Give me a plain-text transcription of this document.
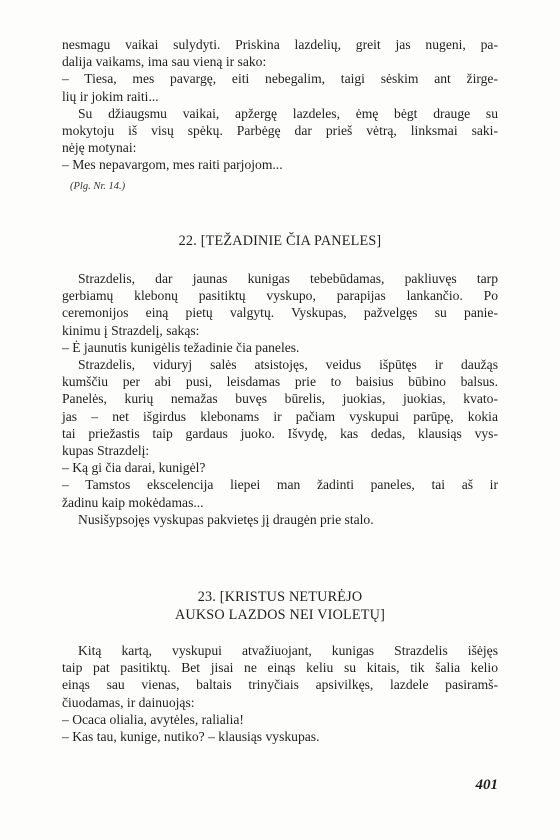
nesmagu vaikai sulydyti. Priskina lazdelių, greit jas nugeni, pa-
dalija vaikams, ima sau vieną ir sako:
– Tiesa, mes pavargę, eiti nebegalim, taigi sėskim ant žirge-
lių ir jokim raiti...
Su džiaugsmu vaikai, apžergę lazdeles, ėmę bėgt drauge su
mokytoju iš visų spėkų. Parbėgę dar prieš vėtrą, linksmai saki-
nėję motynai:
– Mes nepavargom, mes raiti parjojom...
(Plg. Nr. 14.)

22. [TEŽADINIE ČIA PANELES]

Strazdelis, dar jaunas kunigas tebebūdamas, pakliuvęs tarp
gerbiamų klebonų pasitiktų vyskupo, parapijas lankančio. Po
ceremonijos einą pietų valgytų. Vyskupas, pažvelgęs su panie-
kinimu į Strazdelį, sakąs:
– Ė jaunutis kunigėlis težadinie čia paneles.
Strazdelis, viduryj salės atsistojęs, veidus išpūtęs ir daužąs
kumščiu per abi pusi, leisdamas prie to baisius būbino balsus.
Panelės, kurių nemažas buvęs būrelis, juokias, juokias, kvato-
jas – net išgirdus klebonams ir pačiam vyskupui parūpę, kokia
tai priežastis taip gardaus juoko. Išvydę, kas dedas, klausiąs vys-
kupas Strazdelį:
– Ką gi čia darai, kunigėl?
– Tamstos ekscelencija liepei man žadinti paneles, tai aš ir
žadinu kaip mokėdamas...
Nusišypsojęs vyskupas pakvietęs jį draugėn prie stalo.

23. [KRISTUS NETURĖJO

AUKSO LAZDOS NEI VIOLETŲ]

Kitą kartą, vyskupui atvažiuojant, kunigas Strazdelis išėjęs
taip pat pasitiktų. Bet jisai ne einąs keliu su kitais, tik šalia kelio
einąs sau vienas, baltais trinyčiais apsivilkęs, lazdele pasiramš-
čiuodamas, ir dainuojąs:
– Ocaca olialia, avytėles, ralialia!
– Kas tau, kunige, nutiko? – klausiąs vyskupas.
401
